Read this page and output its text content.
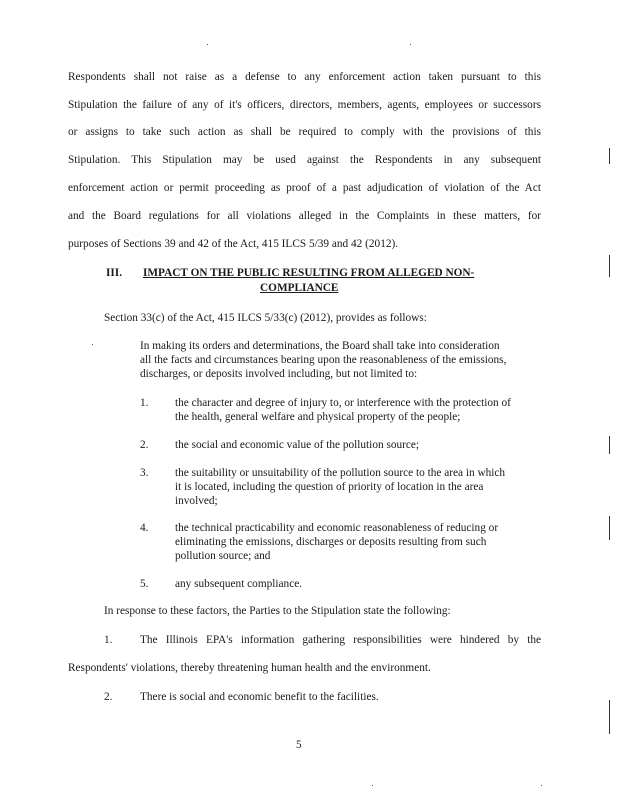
Respondents shall not raise as a defense to any enforcement action taken pursuant to this
Stipulation the failure of any of it's officers, directors, members, agents, employees or successors
or assigns to take such action as shall be required to comply with the provisions of this
Stipulation. This Stipulation may be used against the Respondents in any subsequent
enforcement action or permit proceeding as proof of a past adjudication of violation of the Act
and the Board regulations for all violations alleged in the Complaints in these matters, for
purposes of Sections 39 and 42 of the Act, 415 ILCS 5/39 and 42 (2012).
III. IMPACT ON THE PUBLIC RESULTING FROM ALLEGED NON-
COMPLIANCE
Section 33(c) of the Act, 415 ILCS 5/33(c) (2012), provides as follows:
In making its orders and determinations, the Board shall take into consideration
all the facts and circumstances bearing upon the reasonableness of the emissions,
discharges, or deposits involved including, but not limited to:
1. the character and degree of injury to, or interference with the protection of
the health, general welfare and physical property of the people;
2. the social and economic value of the pollution source;
3. the suitability or unsuitability of the pollution source to the area in which
it is located, including the question of priority of location in the area
involved;
4. the technical practicability and economic reasonableness of reducing or
eliminating the emissions, discharges or deposits resulting from such
pollution source; and
5. any subsequent compliance.
In response to these factors, the Parties to the Stipulation state the following:
1. The Illinois EPA's information gathering responsibilities were hindered by the
Respondents' violations, thereby threatening human health and the environment.
2. There is social and economic benefit to the facilities.
5
